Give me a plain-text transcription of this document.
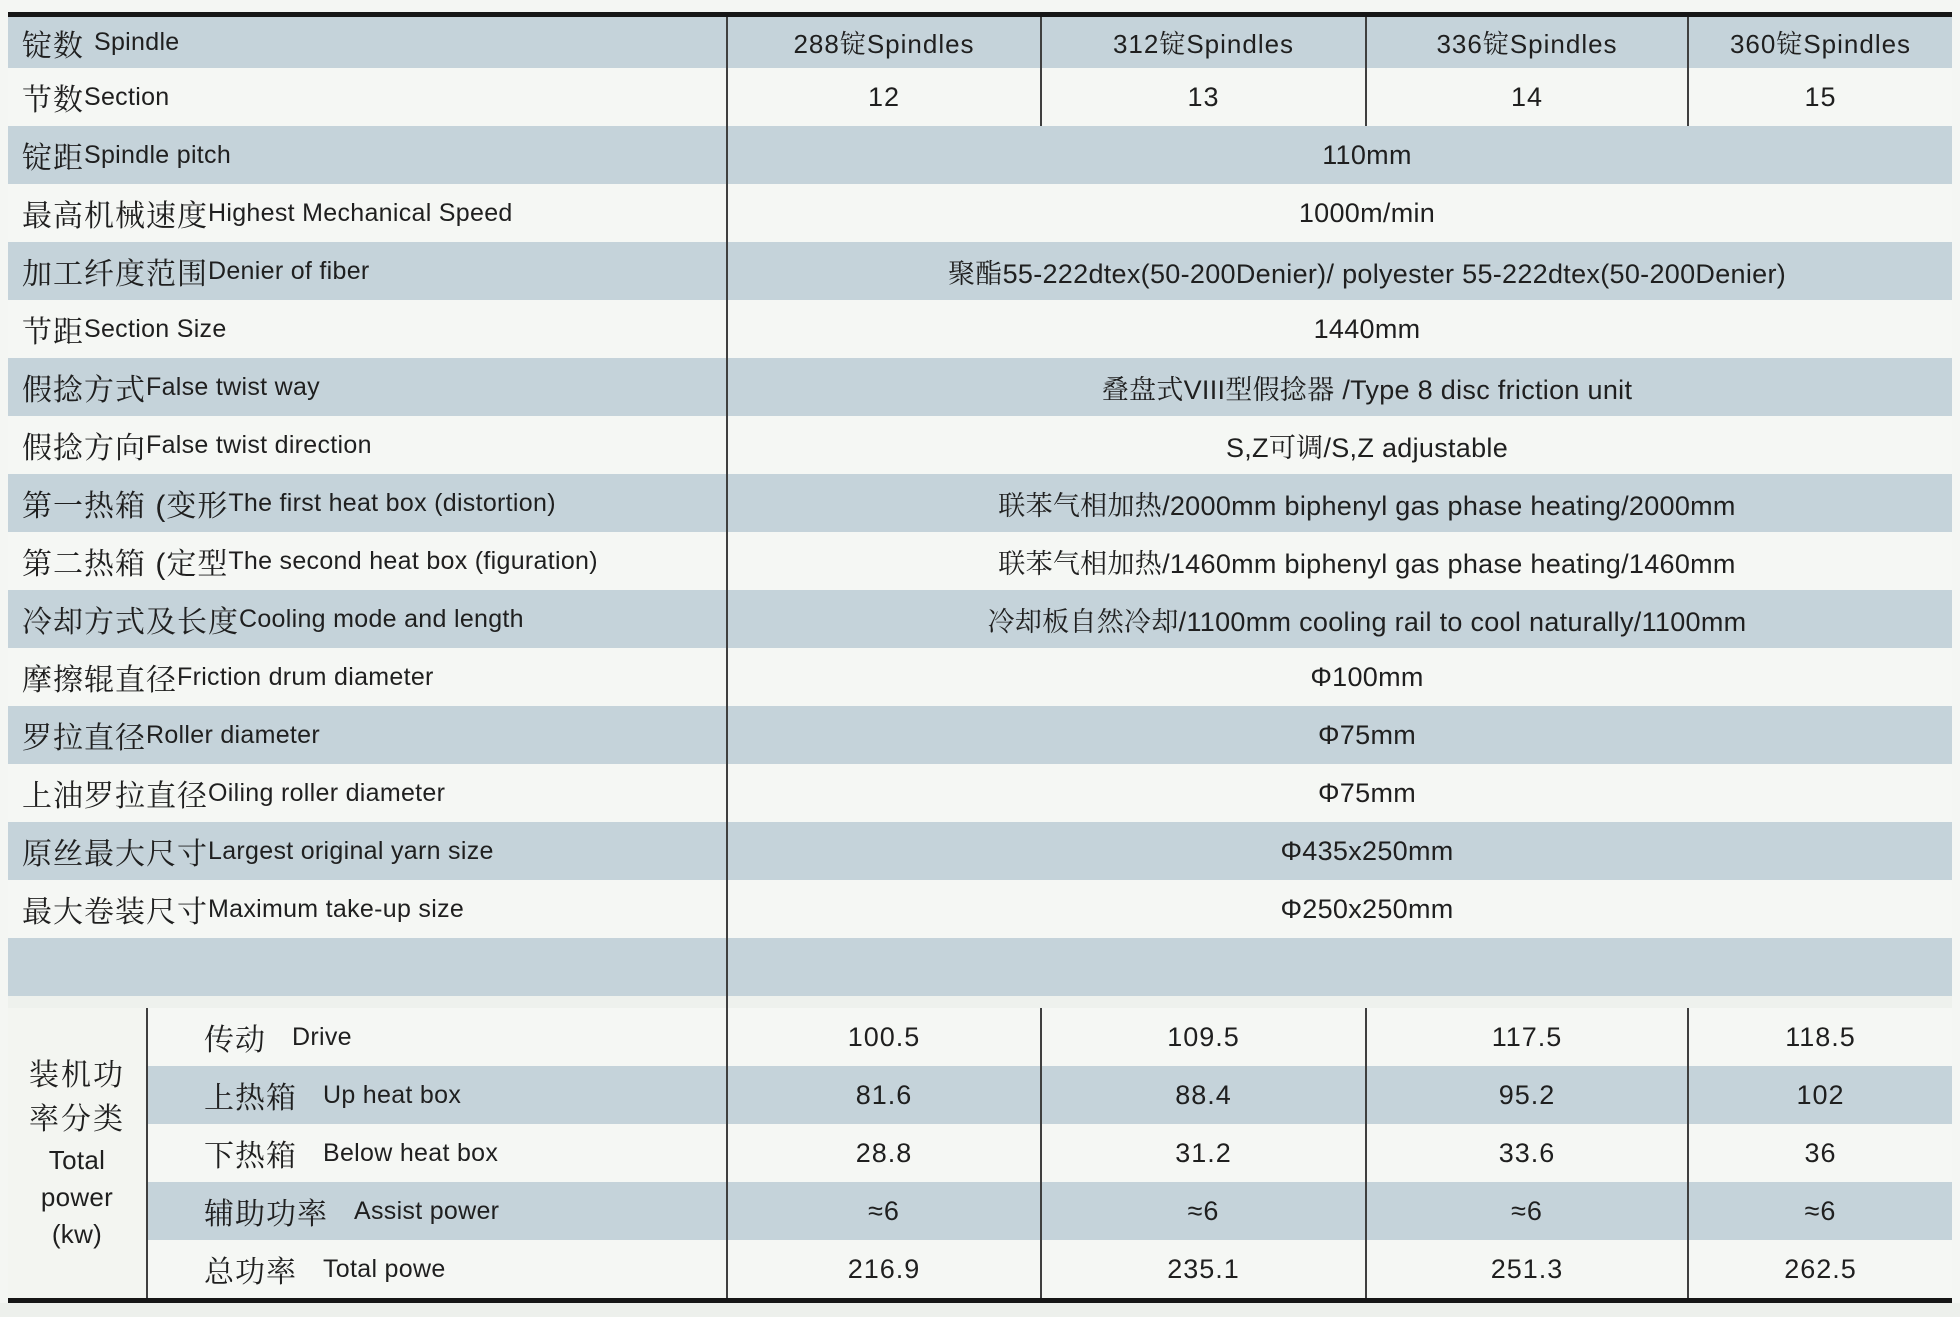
锭数 Spindle	288锭Spindles	312锭Spindles	336锭Spindles	360锭Spindles
节数 Section	12	13	14	15
锭距 Spindle pitch	110mm
最高机械速度 Highest Mechanical Speed	1000m/min
加工纤度范围 Denier of fiber	聚酯55-222dtex(50-200Denier)/ polyester 55-222dtex(50-200Denier)
节距 Section Size	1440mm
假捻方式 False twist way	叠盘式VIII型假捻器 /Type 8 disc friction unit
假捻方向 False twist direction	S,Z可调/S,Z adjustable
第一热箱 (变形 The first heat box (distortion)	联苯气相加热/2000mm biphenyl gas phase heating/2000mm
第二热箱 (定型 The second heat box (figuration)	联苯气相加热/1460mm biphenyl gas phase heating/1460mm
冷却方式及长度 Cooling mode and length	冷却板自然冷却/1100mm cooling rail to cool naturally/1100mm
摩擦辊直径 Friction drum diameter	Φ100mm
罗拉直径 Roller diameter	Φ75mm
上油罗拉直径 Oiling roller diameter	Φ75mm
原丝最大尺寸 Largest original yarn size	Φ435x250mm
最大卷装尺寸 Maximum take-up size	Φ250x250mm
装机功
率分类
Total
power
(kw)
传动 Drive	100.5	109.5	117.5	118.5
上热箱 Up heat box	81.6	88.4	95.2	102
下热箱 Below heat box	28.8	31.2	33.6	36
辅助功率 Assist power	≈6	≈6	≈6	≈6
总功率 Total powe	216.9	235.1	251.3	262.5
